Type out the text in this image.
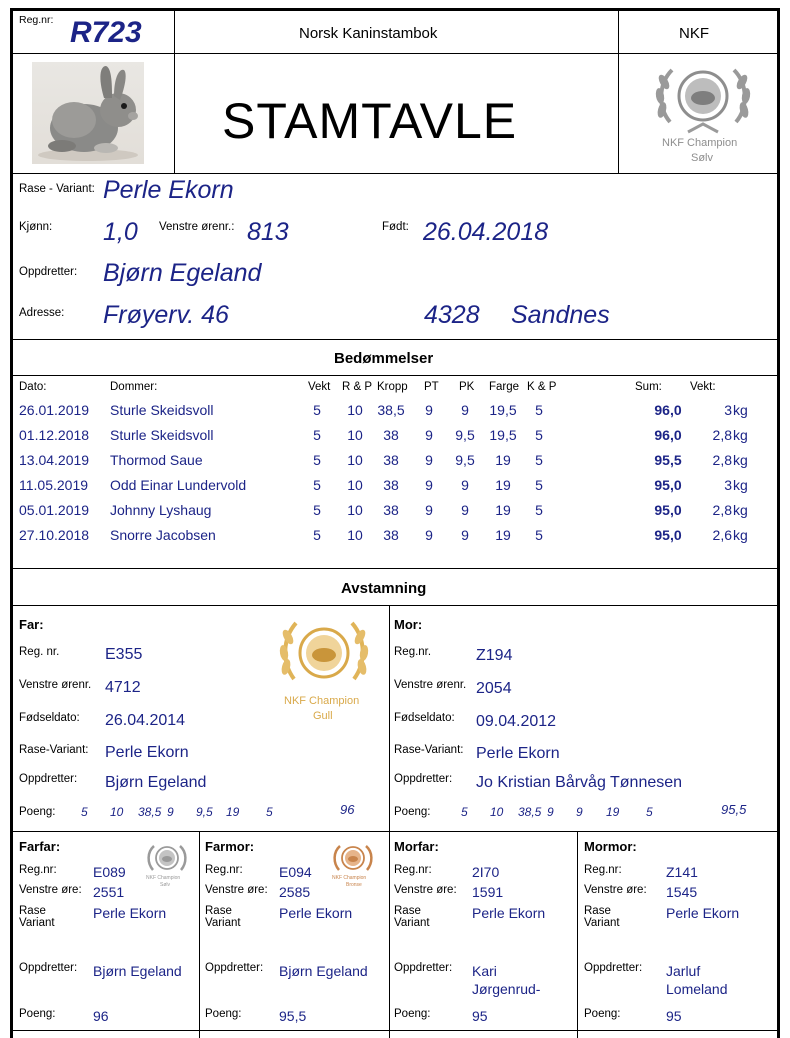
Reg.nr: R723	Norsk Kaninstambok	NKF
STAMTAVLE	NKF Champion
Sølv
Rase - Variant: Perle Ekorn
Kjønn: 1,0 Venstre ørenr.: 813	Født: 26.04.2018
Oppdretter: Bjørn Egeland
Adresse: Frøyerv. 46	4328 Sandnes
Bedømmelser
Dato:	Dommer:	Vekt R & P Kropp PT PK Farge K & P	Sum: Vekt:
26.01.2019 Sturle Skeidsvoll	5	10	38,5	9	9	19,5	5	96,0	3 kg
01.12.2018 Sturle Skeidsvoll	5	10	38	9	9,5	19,5	5	96,0	2,8 kg
13.04.2019 Thormod Saue	5	10	38	9	9,5	19	5	95,5	2,8 kg
11.05.2019 Odd Einar Lundervold	5	10	38	9	9	19	5	95,0	3 kg
05.01.2019 Johnny Lyshaug	5	10	38	9	9	19	5	95,0	2,8 kg
27.10.2018 Snorre Jacobsen	5	10	38	9	9	19	5	95,0	2,6 kg
Avstamning
Far:
Reg. nr.	E355
Venstre ørenr. 4712
Fødseldato: 26.04.2014
Rase-Variant: Perle Ekorn
Oppdretter: Bjørn Egeland
Poeng: 5 10 38,5 9 9,5 19 5	96
NKF Champion
Gull
Mor:
Reg.nr.	Z194
Venstre ørenr. 2054
Fødseldato: 09.04.2012
Rase-Variant: Perle Ekorn
Oppdretter: Jo Kristian Bårvåg Tønnesen
Poeng:	5 10 38,5 9 9 19 5	95,5
Farfar:
Reg.nr:	E089
Venstre øre: 2551
Rase
Variant
Perle Ekorn
Oppdretter: Bjørn Egeland
Poeng:	96
NKF Champion
Sølv
Farmor:
Reg.nr:	E094
Venstre øre: 2585
Rase
Variant
Perle Ekorn
Oppdretter: Bjørn Egeland
Poeng:	95,5
NKF Champion
Bronse
Morfar:
Reg.nr:	2I70
Venstre øre: 1591
Rase
Variant
Perle Ekorn
Oppdretter: Kari
Jørgenrud-
Poeng:	95
Mormor:
Reg.nr:	Z141
Venstre øre: 1545
Rase
Variant
Perle Ekorn
Oppdretter: Jarluf
Lomeland
Poeng:	95
